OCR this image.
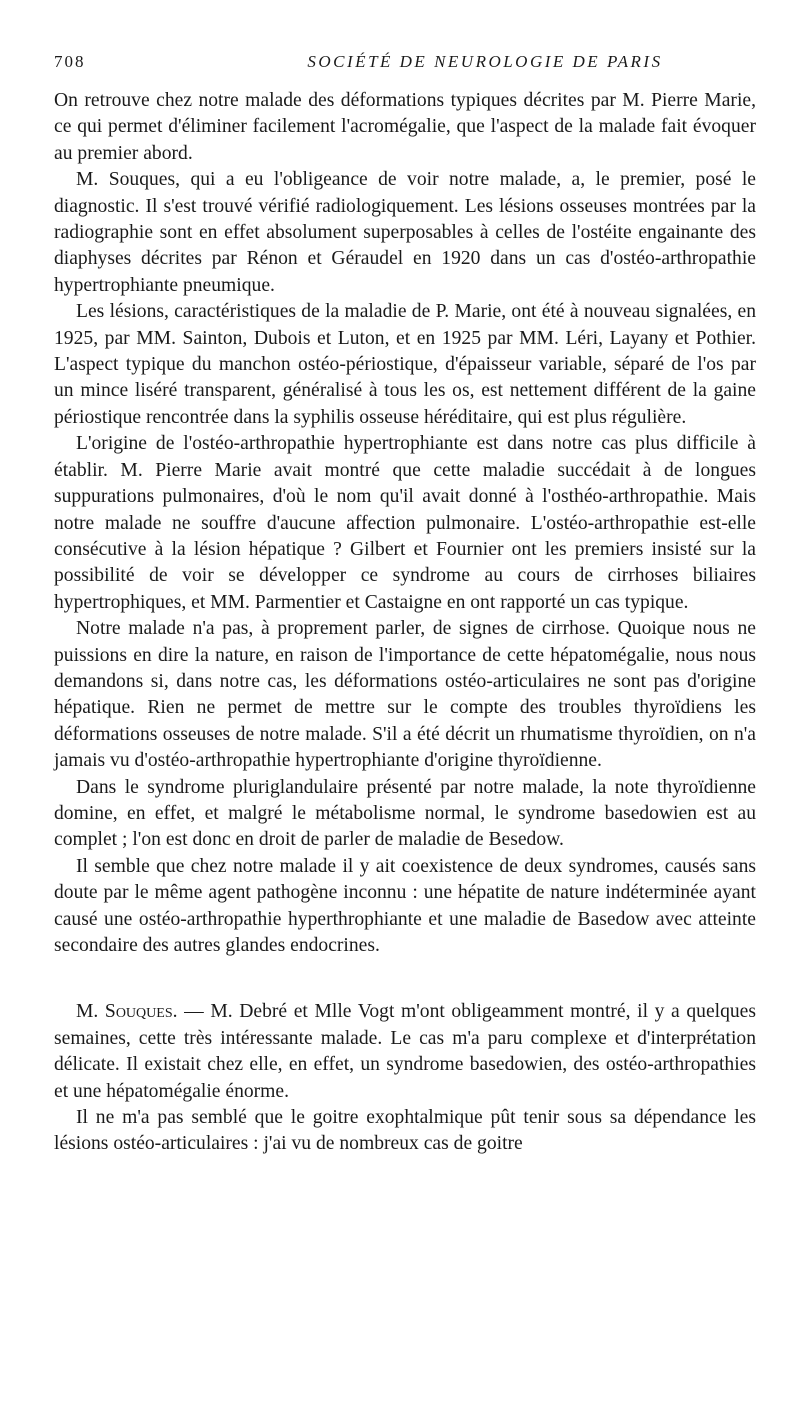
708	SOCIÉTÉ DE NEUROLOGIE DE PARIS

On retrouve chez notre malade des déformations typiques décrites par M. Pierre Marie, ce qui permet d'éliminer facilement l'acromégalie, que l'aspect de la malade fait évoquer au premier abord.

M. Souques, qui a eu l'obligeance de voir notre malade, a, le premier, posé le diagnostic. Il s'est trouvé vérifié radiologiquement. Les lésions osseuses montrées par la radiographie sont en effet absolument superposables à celles de l'ostéite engainante des diaphyses décrites par Rénon et Géraudel en 1920 dans un cas d'ostéo-arthropathie hypertrophiante pneumique.

Les lésions, caractéristiques de la maladie de P. Marie, ont été à nouveau signalées, en 1925, par MM. Sainton, Dubois et Luton, et en 1925 par MM. Léri, Layany et Pothier. L'aspect typique du manchon ostéo-périostique, d'épaisseur variable, séparé de l'os par un mince liséré transparent, généralisé à tous les os, est nettement différent de la gaine périostique rencontrée dans la syphilis osseuse héréditaire, qui est plus régulière.

L'origine de l'ostéo-arthropathie hypertrophiante est dans notre cas plus difficile à établir. M. Pierre Marie avait montré que cette maladie succédait à de longues suppurations pulmonaires, d'où le nom qu'il avait donné à l'osthéo-arthropathie. Mais notre malade ne souffre d'aucune affection pulmonaire. L'ostéo-arthropathie est-elle consécutive à la lésion hépatique ? Gilbert et Fournier ont les premiers insisté sur la possibilité de voir se développer ce syndrome au cours de cirrhoses biliaires hypertrophiques, et MM. Parmentier et Castaigne en ont rapporté un cas typique.

Notre malade n'a pas, à proprement parler, de signes de cirrhose. Quoique nous ne puissions en dire la nature, en raison de l'importance de cette hépatomégalie, nous nous demandons si, dans notre cas, les déformations ostéo-articulaires ne sont pas d'origine hépatique. Rien ne permet de mettre sur le compte des troubles thyroïdiens les déformations osseuses de notre malade. S'il a été décrit un rhumatisme thyroïdien, on n'a jamais vu d'ostéo-arthropathie hypertrophiante d'origine thyroïdienne.

Dans le syndrome pluriglandulaire présenté par notre malade, la note thyroïdienne domine, en effet, et malgré le métabolisme normal, le syndrome basedowien est au complet ; l'on est donc en droit de parler de maladie de Besedow.

Il semble que chez notre malade il y ait coexistence de deux syndromes, causés sans doute par le même agent pathogène inconnu : une hépatite de nature indéterminée ayant causé une ostéo-arthropathie hyperthrophiante et une maladie de Basedow avec atteinte secondaire des autres glandes endocrines.

M. Souques. — M. Debré et Mlle Vogt m'ont obligeamment montré, il y a quelques semaines, cette très intéressante malade. Le cas m'a paru complexe et d'interprétation délicate. Il existait chez elle, en effet, un syndrome basedowien, des ostéo-arthropathies et une hépatomégalie énorme.

Il ne m'a pas semblé que le goitre exophtalmique pût tenir sous sa dépendance les lésions ostéo-articulaires : j'ai vu de nombreux cas de goitre
